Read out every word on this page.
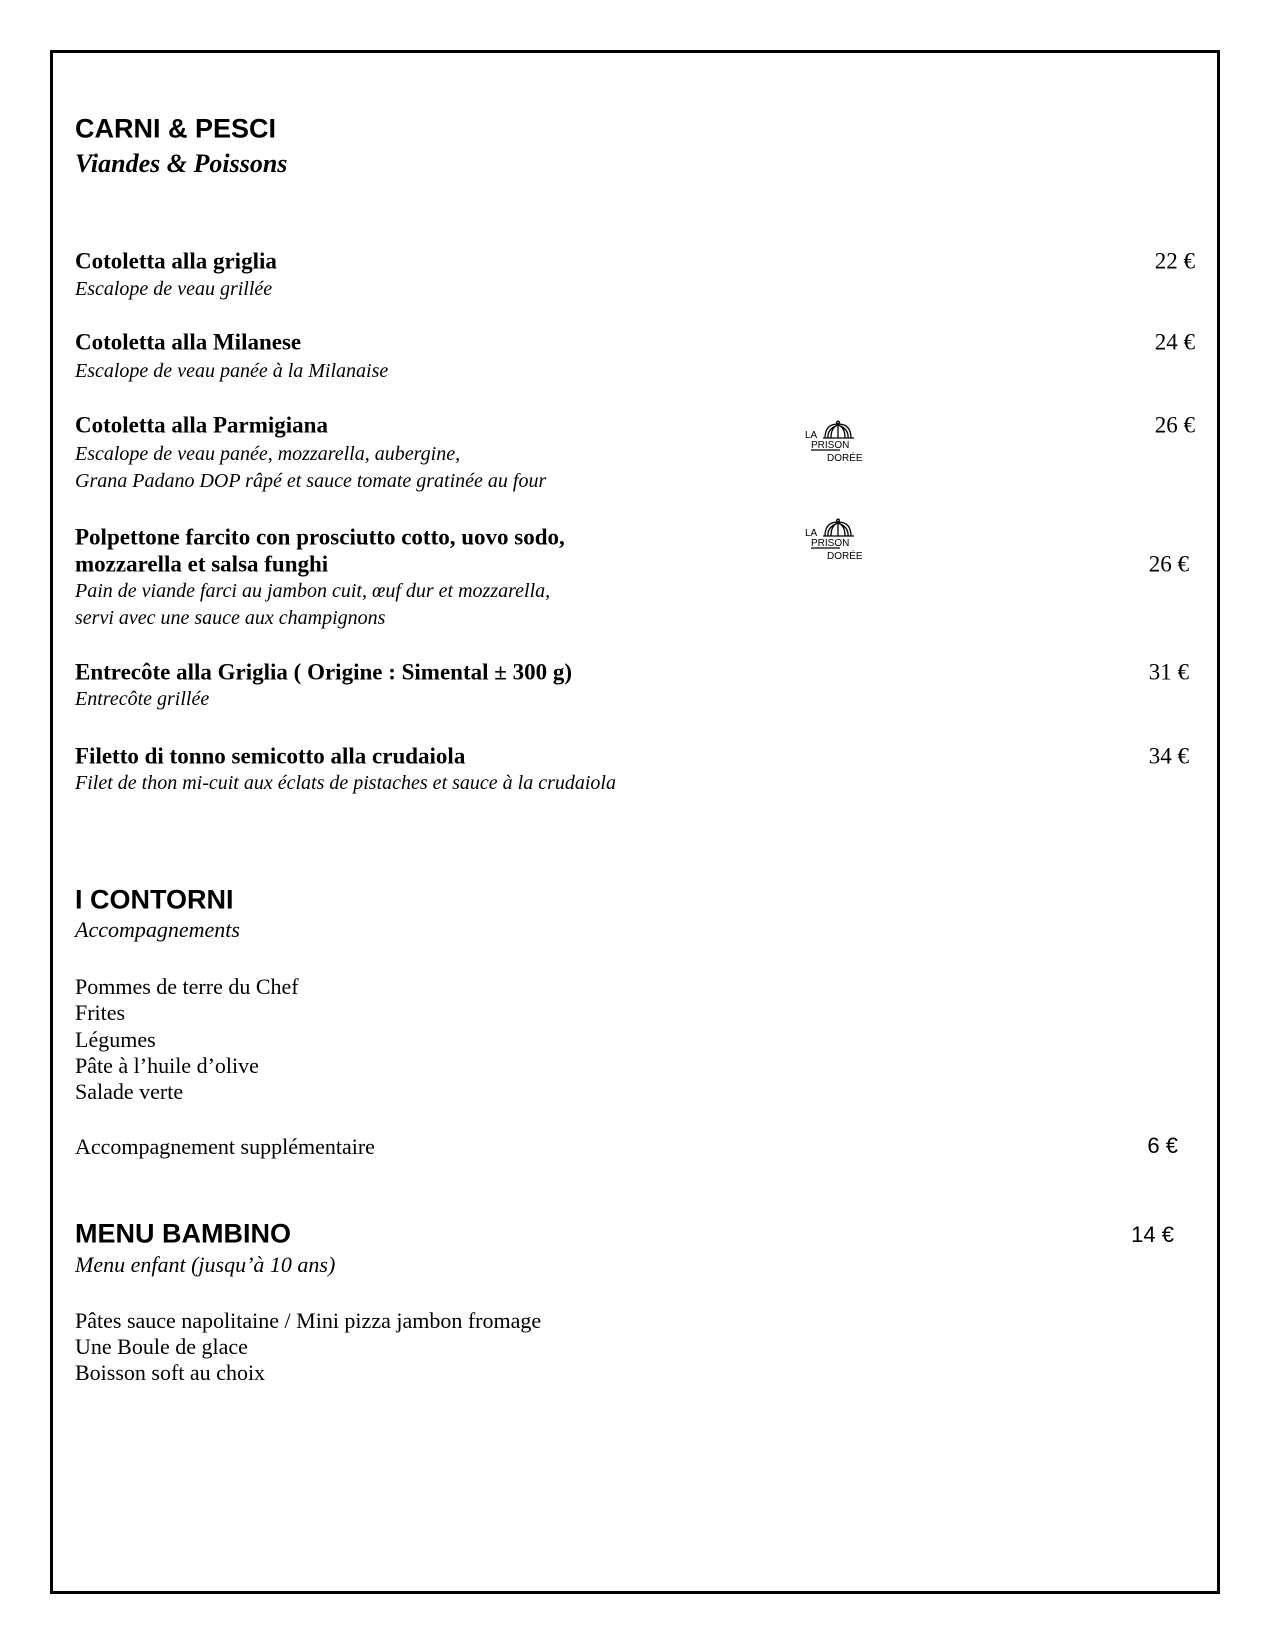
CARNI & PESCI
Viandes & Poissons
Cotoletta alla griglia
Escalope de veau grillée
22 €
Cotoletta alla Milanese
Escalope de veau panée à la Milanaise
24 €
Cotoletta alla Parmigiana
Escalope de veau panée, mozzarella, aubergine,
Grana Padano DOP râpé et sauce tomate gratinée au four
26 €
Polpettone farcito con prosciutto cotto, uovo sodo,
mozzarella et salsa funghi
Pain de viande farci au jambon cuit, œuf dur et mozzarella,
servi avec une sauce aux champignons
26 €
Entrecôte alla Griglia ( Origine : Simental ± 300 g)
Entrecôte grillée
31 €
Filetto di tonno semicotto alla crudaiola
Filet de thon mi-cuit aux éclats de pistaches et sauce à la crudaiola
34 €
LA
PRISON
DORÉE
LA
PRISON
DORÉE
I CONTORNI
Accompagnements
Pommes de terre du Chef
Frites
Légumes
Pâte à l’huile d’olive
Salade verte
Accompagnement supplémentaire	6 €
MENU BAMBINO	14 €
Menu enfant (jusqu’à 10 ans)
Pâtes sauce napolitaine / Mini pizza jambon fromage
Une Boule de glace
Boisson soft au choix
